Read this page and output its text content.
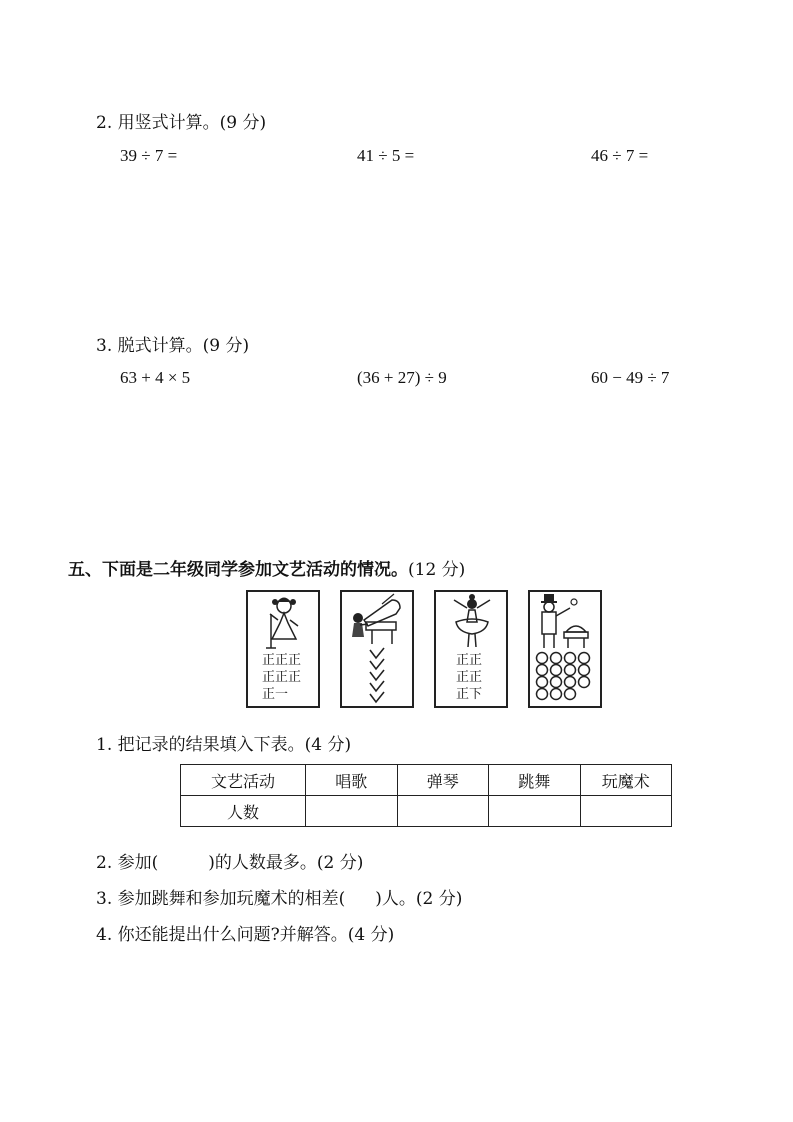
2. 用竖式计算。(9 分)
39 ÷ 7 =	41 ÷ 5 =	46 ÷ 7 =
3. 脱式计算。(9 分)
63 + 4 × 5	(36 + 27) ÷ 9	60 − 49 ÷ 7
五、下面是二年级同学参加文艺活动的情况。(12 分)
正正正
正正正
正一
正正
正正
正下
1. 把记录的结果填入下表。(4 分)
文艺活动	唱歌	弹琴	跳舞	玩魔术
人数				
2. 参加(	)的人数最多。(2 分)
3. 参加跳舞和参加玩魔术的相差( )人。(2 分)
4. 你还能提出什么问题?并解答。(4 分)
